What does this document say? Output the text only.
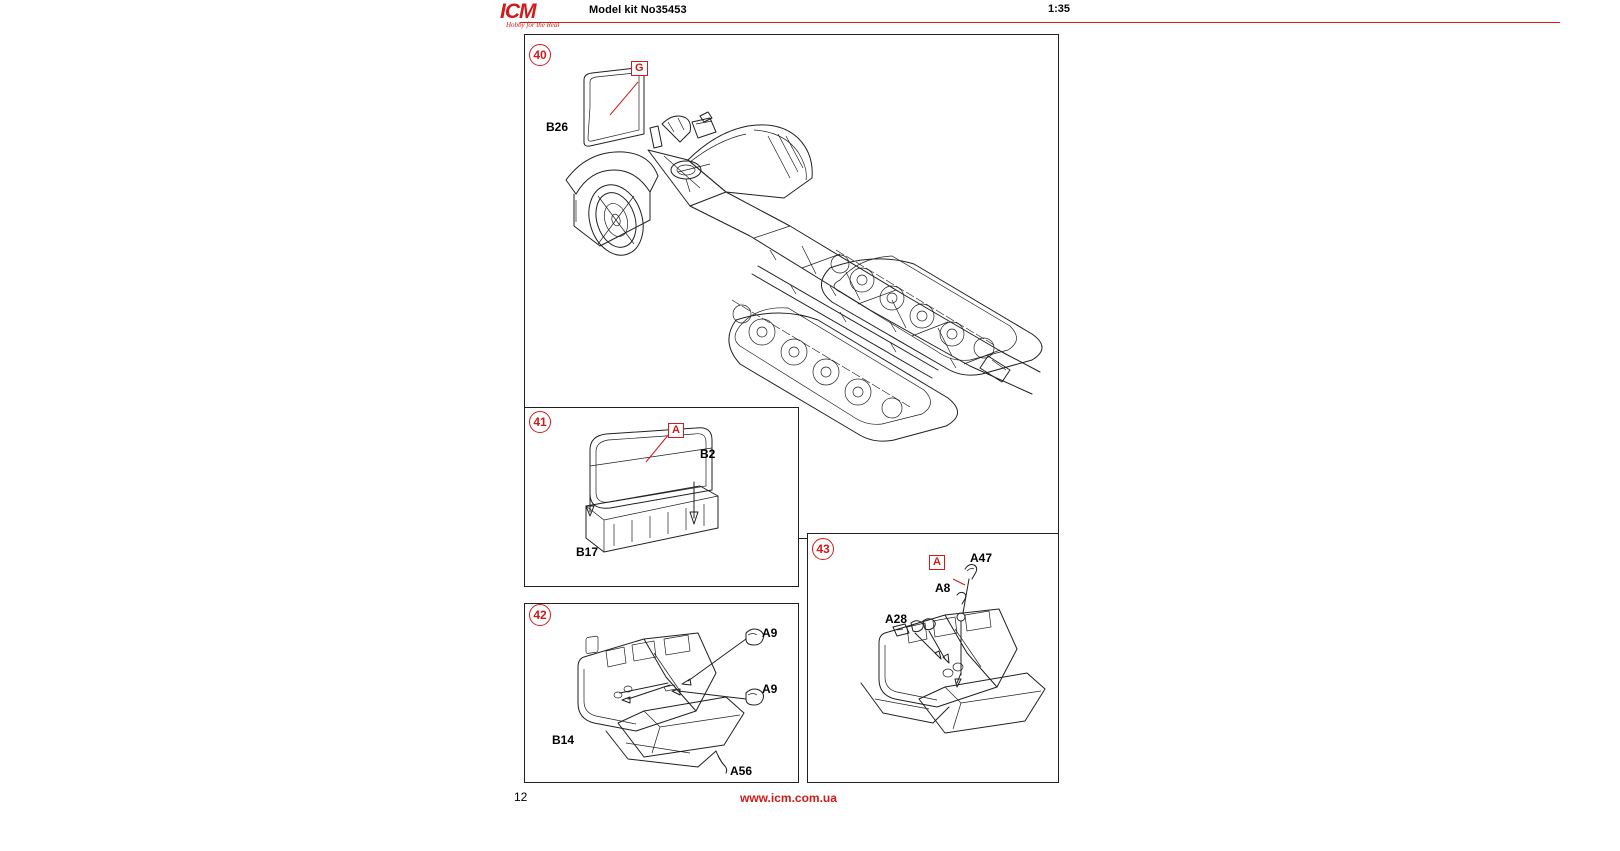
ICM
Hobby for the Real
Model kit No35453	1:35
40
B26
G
41
A
B2
B17
42
A9
A9
B14
A56
43
A	A47
A8
A28
12	www.icm.com.ua
